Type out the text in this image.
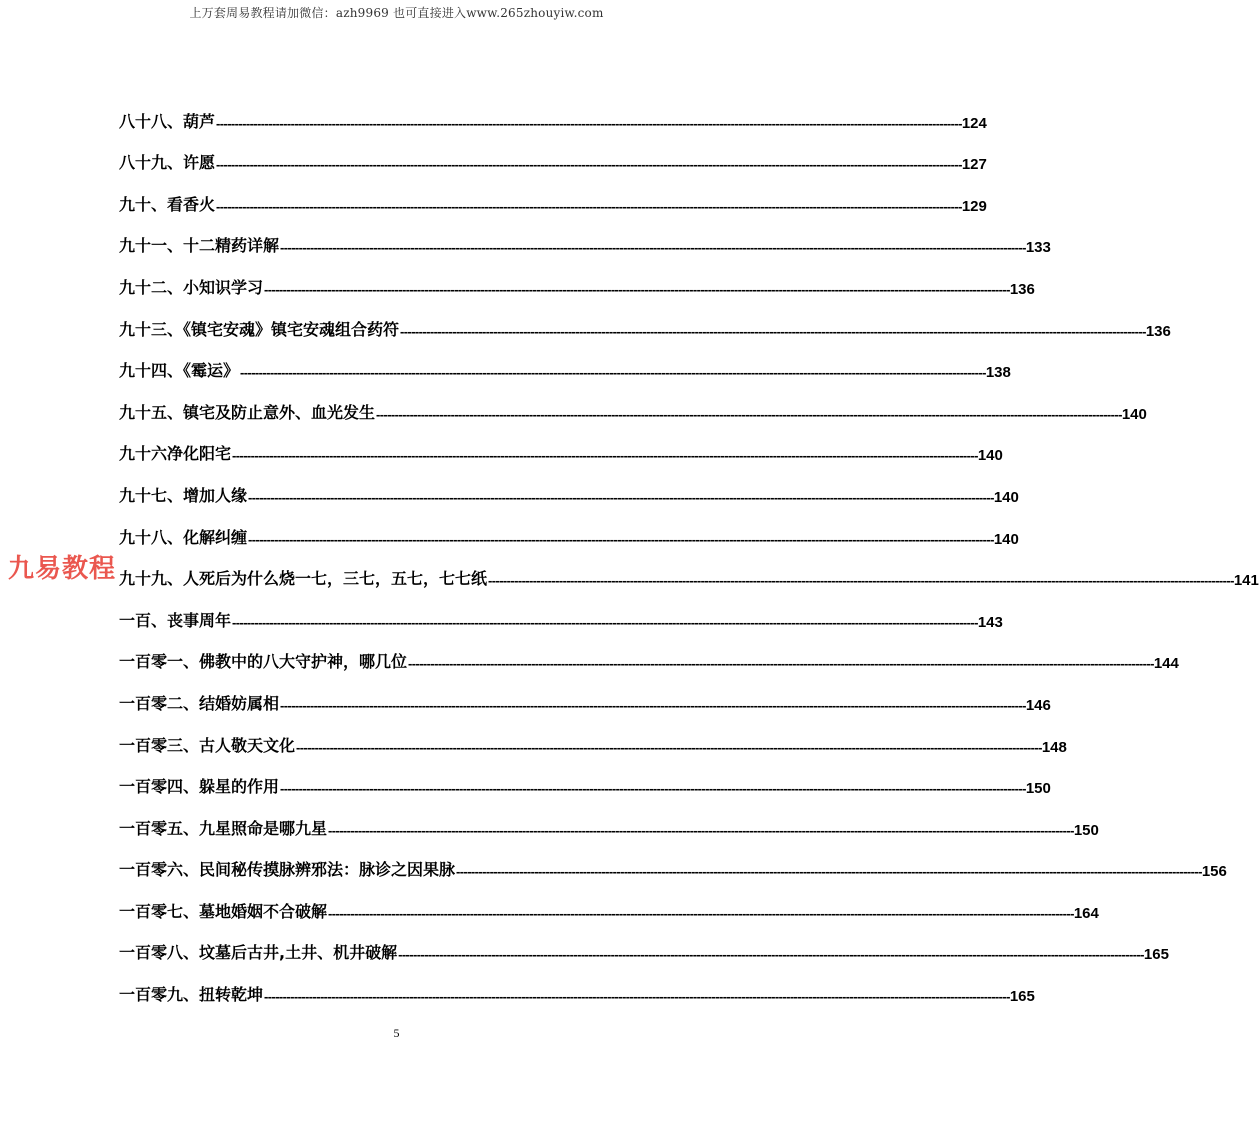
上万套周易教程请加微信：azh9969 也可直接进入www.265zhouyiw.com
八十八、葫芦 -------------------------------------------------------------------------------------------------------------------------------------------------------------------------------------------------------- 124
八十九、许愿 -------------------------------------------------------------------------------------------------------------------------------------------------------------------------------------------------------- 127
九十、看香火 -------------------------------------------------------------------------------------------------------------------------------------------------------------------------------------------------------- 129
九十一、十二精药详解 -------------------------------------------------------------------------------------------------------------------------------------------------------------------------------------------------------- 133
九十二、小知识学习 -------------------------------------------------------------------------------------------------------------------------------------------------------------------------------------------------------- 136
九十三、《镇宅安魂》镇宅安魂组合药符 -------------------------------------------------------------------------------------------------------------------------------------------------------------------------------------------------------- 136
九十四、《霉运》 -------------------------------------------------------------------------------------------------------------------------------------------------------------------------------------------------------- 138
九十五、镇宅及防止意外、血光发生 -------------------------------------------------------------------------------------------------------------------------------------------------------------------------------------------------------- 140
九十六净化阳宅 -------------------------------------------------------------------------------------------------------------------------------------------------------------------------------------------------------- 140
九十七、增加人缘 -------------------------------------------------------------------------------------------------------------------------------------------------------------------------------------------------------- 140
九十八、化解纠缠 -------------------------------------------------------------------------------------------------------------------------------------------------------------------------------------------------------- 140
九十九、人死后为什么烧一七，三七，五七，七七纸 -------------------------------------------------------------------------------------------------------------------------------------------------------------------------------------------------------- 141
一百、丧事周年 -------------------------------------------------------------------------------------------------------------------------------------------------------------------------------------------------------- 143
一百零一、佛教中的八大守护神，哪几位 -------------------------------------------------------------------------------------------------------------------------------------------------------------------------------------------------------- 144
一百零二、结婚妨属相 -------------------------------------------------------------------------------------------------------------------------------------------------------------------------------------------------------- 146
一百零三、古人敬天文化 -------------------------------------------------------------------------------------------------------------------------------------------------------------------------------------------------------- 148
一百零四、躲星的作用 -------------------------------------------------------------------------------------------------------------------------------------------------------------------------------------------------------- 150
一百零五、九星照命是哪九星 -------------------------------------------------------------------------------------------------------------------------------------------------------------------------------------------------------- 150
一百零六、民间秘传摸脉辨邪法：脉诊之因果脉 -------------------------------------------------------------------------------------------------------------------------------------------------------------------------------------------------------- 156
一百零七、墓地婚姻不合破解 -------------------------------------------------------------------------------------------------------------------------------------------------------------------------------------------------------- 164
一百零八、坟墓后古井,土井、机井破解 -------------------------------------------------------------------------------------------------------------------------------------------------------------------------------------------------------- 165
一百零九、扭转乾坤 -------------------------------------------------------------------------------------------------------------------------------------------------------------------------------------------------------- 165
九易教程
5
